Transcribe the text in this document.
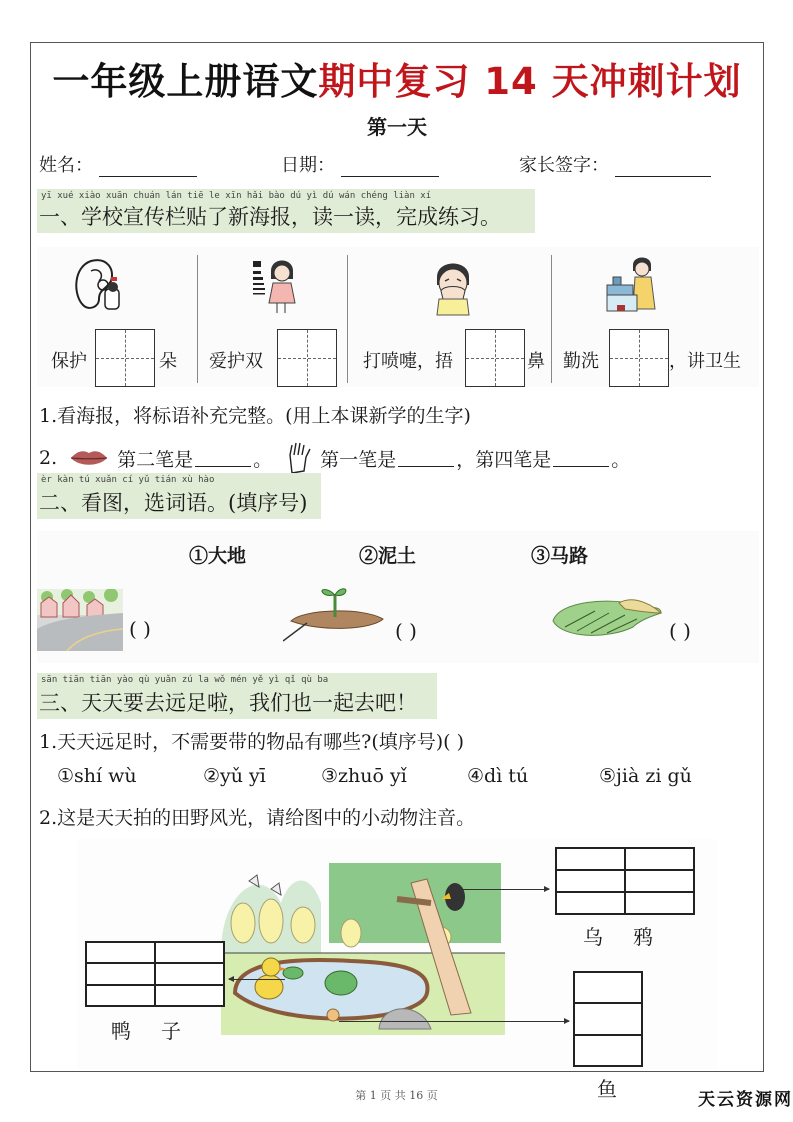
一年级上册语文期中复习 14 天冲刺计划
第一天
姓名：	日期：	家长签字：
yī xué xiào xuān chuán lán tiē le xīn hǎi bào dú yì dú wán chéng liàn xí
一、学校宣传栏贴了新海报，读一读，完成练习。
保护	朵 爱护双	打喷嚏，捂	鼻 勤洗	，讲卫生
1.看海报，将标语补充完整。(用上本课新学的生字)
2.	第二笔是	。	第一笔是	， 第四笔是	。
èr kàn tú xuǎn cí yǔ tián xù hào
二、看图，选词语。(填序号)
①大地	②泥土	③马路
( )	( )	( )
sān tiān tiān yào qù yuǎn zú la wǒ mén yě yì qǐ qù ba
三、天天要去远足啦，我们也一起去吧！
1.天天远足时，不需要带的物品有哪些?(填序号)( )
①shí wù	②yǔ yī	③zhuō yǐ	④dì tú	⑤jià zi gǔ
2.这是天天拍的田野风光，请给图中的小动物注音。
乌鸦
鸭子
鱼
第 1 页 共 16 页	天云资源网
